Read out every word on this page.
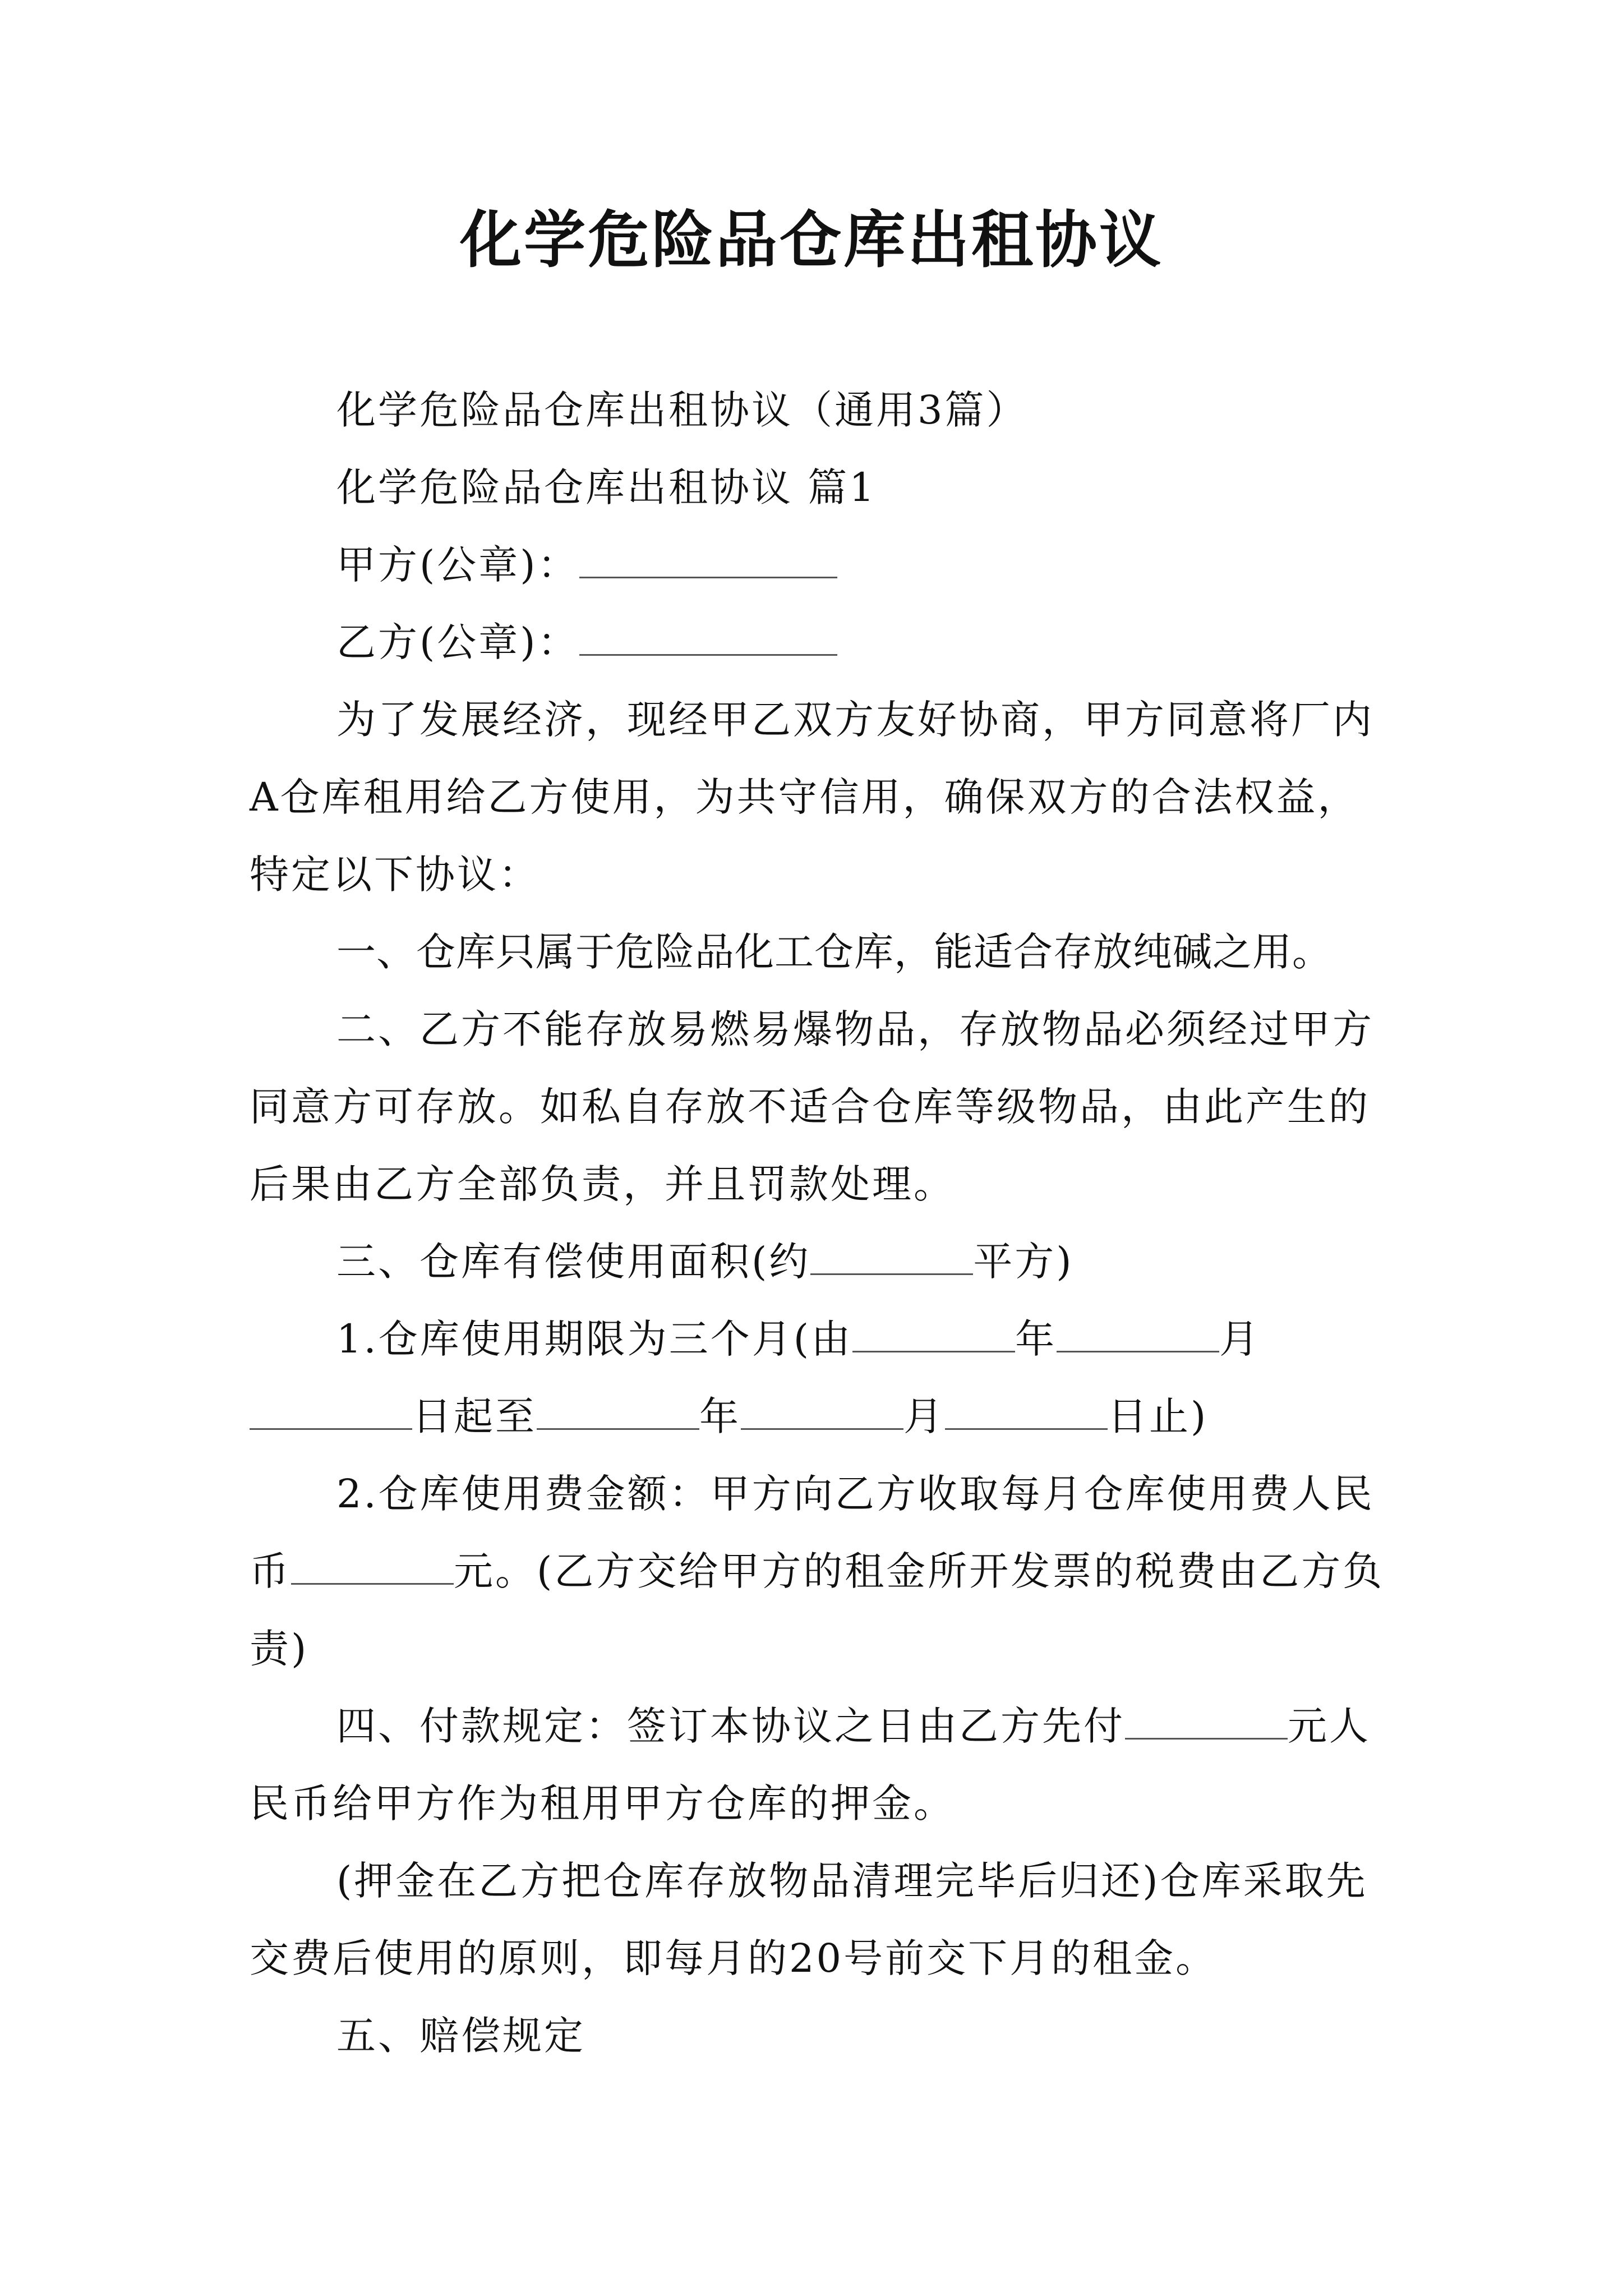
化学危险品仓库出租协议

化学危险品仓库出租协议（通用3篇）

化学危险品仓库出租协议 篇1

甲方(公章)：

乙方(公章)：

为了发展经济，现经甲乙双方友好协商，甲方同意将厂内A仓库租用给乙方使用，为共守信用，确保双方的合法权益，特定以下协议：

一、仓库只属于危险品化工仓库，能适合存放纯碱之用。

二、乙方不能存放易燃易爆物品，存放物品必须经过甲方同意方可存放。如私自存放不适合仓库等级物品，由此产生的后果由乙方全部负责，并且罚款处理。

三、仓库有偿使用面积(约	平方)

1.仓库使用期限为三个月(由	年	月日起至	年	月	日止)

2.仓库使用费金额：甲方向乙方收取每月仓库使用费人民币	元。(乙方交给甲方的租金所开发票的税费由乙方负责)

四、付款规定：签订本协议之日由乙方先付	元人民币给甲方作为租用甲方仓库的押金。

(押金在乙方把仓库存放物品清理完毕后归还)仓库采取先交费后使用的原则，即每月的20号前交下月的租金。

五、赔偿规定
